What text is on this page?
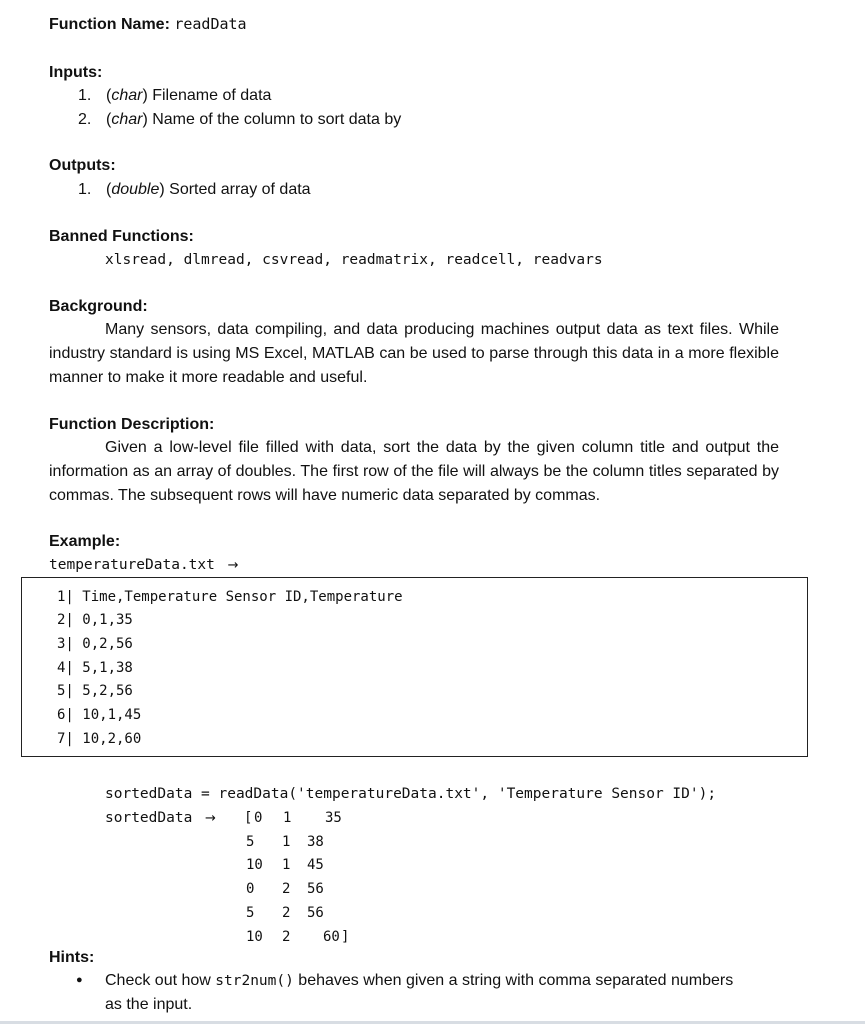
Function Name: readData
Inputs:
1. (char) Filename of data
2. (char) Name of the column to sort data by
Outputs:
1. (double) Sorted array of data
Banned Functions:
xlsread, dlmread, csvread, readmatrix, readcell, readvars
Background:
Many sensors, data compiling, and data producing machines output data as text files. While industry standard is using MS Excel, MATLAB can be used to parse through this data in a more flexible manner to make it more readable and useful.
Function Description:
Given a low-level file filled with data, sort the data by the given column title and output the information as an array of doubles. The first row of the file will always be the column titles separated by commas. The subsequent rows will have numeric data separated by commas.
Example:
temperatureData.txt →
1| Time,Temperature Sensor ID,Temperature
2| 0,1,35
3| 0,2,56
4| 5,1,38
5| 5,2,56
6| 10,1,45
7| 10,2,60
sortedData = readData('temperatureData.txt', 'Temperature Sensor ID');
sortedData → [
]
0 1 35
5 1 38
10 1 45
0 2 56
5 2 56
10 2 60
Hints:
● Check out how str2num() behaves when given a string with comma separated numbers
as the input.
